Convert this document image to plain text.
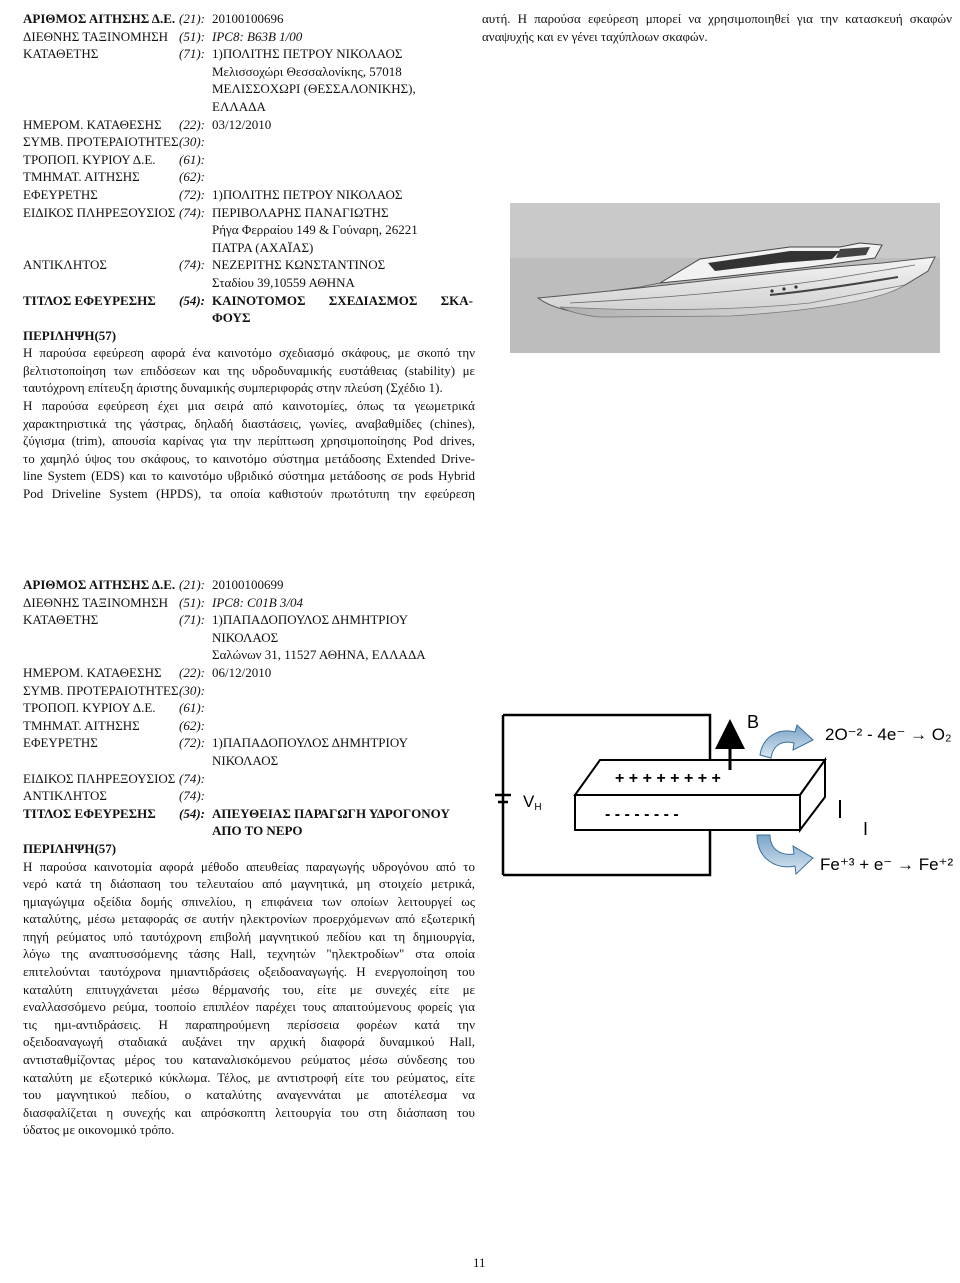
ΑΡΙΘΜΟΣ ΑΙΤΗΣΗΣ Δ.Ε. (21): 20100100696
ΔΙΕΘΝΗΣ ΤΑΞΙΝΟΜΗΣΗ (51): IPC8: B63B 1/00
ΚΑΤΑΘΕΤΗΣ	(71): 1)ΠΟΛΙΤΗΣ ΠΕΤΡΟΥ ΝΙΚΟΛΑΟΣ
Μελισσοχώρι Θεσσαλονίκης, 57018
ΜΕΛΙΣΣΟΧΩΡΙ (ΘΕΣΣΑΛΟΝΙΚΗΣ),
ΕΛΛΑΔΑ
ΗΜΕΡΟΜ. ΚΑΤΑΘΕΣΗΣ	(22): 03/12/2010
ΣΥΜΒ. ΠΡΟΤΕΡΑΙΟΤΗΤΕΣ (30):
ΤΡΟΠΟΠ. ΚΥΡΙΟΥ Δ.Ε.	(61):
ΤΜΗΜΑΤ. ΑΙΤΗΣΗΣ	(62):
ΕΦΕΥΡΕΤΗΣ	(72): 1)ΠΟΛΙΤΗΣ ΠΕΤΡΟΥ ΝΙΚΟΛΑΟΣ
ΕΙΔΙΚΟΣ ΠΛΗΡΕΞΟΥΣΙΟΣ (74): ΠΕΡΙΒΟΛΑΡΗΣ ΠΑΝΑΓΙΩΤΗΣ
Ρήγα Φερραίου 149 & Γούναρη, 26221
ΠΑΤΡΑ (ΑΧΑΪΑΣ)
ΑΝΤΙΚΛΗΤΟΣ	(74): ΝΕΖΕΡΙΤΗΣ ΚΩΝΣΤΑΝΤΙΝΟΣ
Σταδίου 39,10559 ΑΘΗΝΑ
ΤΙΤΛΟΣ ΕΦΕΥΡΕΣΗΣ	(54): ΚΑΙΝΟΤΟΜΟΣ ΣΧΕΔΙΑΣΜΟΣ ΣΚΑ-
ΦΟΥΣ
ΠΕΡΙΛΗΨΗ(57)
Η παρούσα εφεύρεση αφορά ένα καινοτόμο σχεδιασμό σκάφους, με σκοπό την
βελτιστοποίηση των επιδόσεων και της υδροδυναμικής ευστάθειας (stability) με
ταυτόχρονη επίτευξη άριστης δυναμικής συμπεριφοράς στην πλεύση (Σχέδιο 1).
Η παρούσα εφεύρεση έχει μια σειρά από καινοτομίες, όπως τα γεωμετρικά
χαρακτηριστικά της γάστρας, δηλαδή διαστάσεις, γωνίες, αναβαθμίδες (chines),
ζύγισμα (trim), απουσία καρίνας για την περίπτωση χρησιμοποίησης Pod drives,
το χαμηλό ύψος του σκάφους, το καινοτόμο σύστημα μετάδοσης Extended Drive-
line System (EDS) και το καινοτόμο υβριδικό σύστημα μετάδοσης σε pods Hybrid
Pod Driveline System (HPDS), τα οποία καθιστούν πρωτότυπη την εφεύρεση
αυτή. Η παρούσα εφεύρεση μπορεί να χρησιμοποιηθεί για την κατασκευή σκαφών
αναψυχής και εν γένει ταχύπλοων σκαφών.
ΑΡΙΘΜΟΣ ΑΙΤΗΣΗΣ Δ.Ε. (21): 20100100699
ΔΙΕΘΝΗΣ ΤΑΞΙΝΟΜΗΣΗ (51): IPC8: C01B 3/04
ΚΑΤΑΘΕΤΗΣ	(71): 1)ΠΑΠΑΔΟΠΟΥΛΟΣ ΔΗΜΗΤΡΙΟΥ
ΝΙΚΟΛΑΟΣ
Σαλώνων 31, 11527 ΑΘΗΝΑ, ΕΛΛΑΔΑ
ΗΜΕΡΟΜ. ΚΑΤΑΘΕΣΗΣ	(22): 06/12/2010
ΣΥΜΒ. ΠΡΟΤΕΡΑΙΟΤΗΤΕΣ (30):
ΤΡΟΠΟΠ. ΚΥΡΙΟΥ Δ.Ε.	(61):
ΤΜΗΜΑΤ. ΑΙΤΗΣΗΣ	(62):
ΕΦΕΥΡΕΤΗΣ	(72): 1)ΠΑΠΑΔΟΠΟΥΛΟΣ ΔΗΜΗΤΡΙΟΥ
ΝΙΚΟΛΑΟΣ
ΕΙΔΙΚΟΣ ΠΛΗΡΕΞΟΥΣΙΟΣ (74):
ΑΝΤΙΚΛΗΤΟΣ	(74):
ΤΙΤΛΟΣ ΕΦΕΥΡΕΣΗΣ	(54): ΑΠΕΥΘΕΙΑΣ ΠΑΡΑΓΩΓΗ ΥΔΡΟΓΟΝΟΥ
ΑΠΟ ΤΟ ΝΕΡΟ
ΠΕΡΙΛΗΨΗ(57)
Η παρούσα καινοτομία αφορά μέθοδο απευθείας παραγωγής υδρογόνου από το
νερό κατά τη διάσπαση του τελευταίου από μαγνητικά, μη στοιχείο μετρικά,
ημιαγώγιμα οξείδια δομής σπινελίου, η επιφάνεια των οποίων λειτουργεί ως
καταλύτης, μέσω μεταφοράς σε αυτήν ηλεκτρονίων προερχόμενων από εξωτερική
πηγή ρεύματος υπό ταυτόχρονη επιβολή μαγνητικού πεδίου και τη δημιουργία,
λόγω της αναπτυσσόμενης τάσης Hall, τεχνητών "ηλεκτροδίων" στα οποία
επιτελούνται ταυτόχρονα ημιαντιδράσεις οξειδοαναγωγής. Η ενεργοποίηση του
καταλύτη επιτυγχάνεται μέσω θέρμανσής του, είτε με συνεχές είτε με
εναλλασσόμενο ρεύμα, τοοποίο επιπλέον παρέχει τους απαιτούμενους φορείς για
τις ημι-αντιδράσεις. Η παραπηρούμενη περίσσεια φορέων κατά την
οξειδοαναγωγή σταδιακά αυξάνει την αρχική διαφορά δυναμικού Hall,
αντισταθμίζοντας μέρος του καταναλισκόμενου ρεύματος μέσω σύνδεσης του
καταλύτη με εξωτερικό κύκλωμα. Τέλος, με αντιστροφή είτε του ρεύματος, είτε
του μαγνητικού πεδίου, ο καταλύτης αναγεννάται με αποτέλεσμα να
διασφαλίζεται η συνεχής και απρόσκοπτη λειτουργία του στη διάσπαση του
ύδατος με οικονομικό τρόπο.
VH
+ + + + + + + +
- - - - - - - -
B
I
2O⁻² - 4e⁻ → O₂
Fe⁺³ + e⁻ → Fe⁺²
11
